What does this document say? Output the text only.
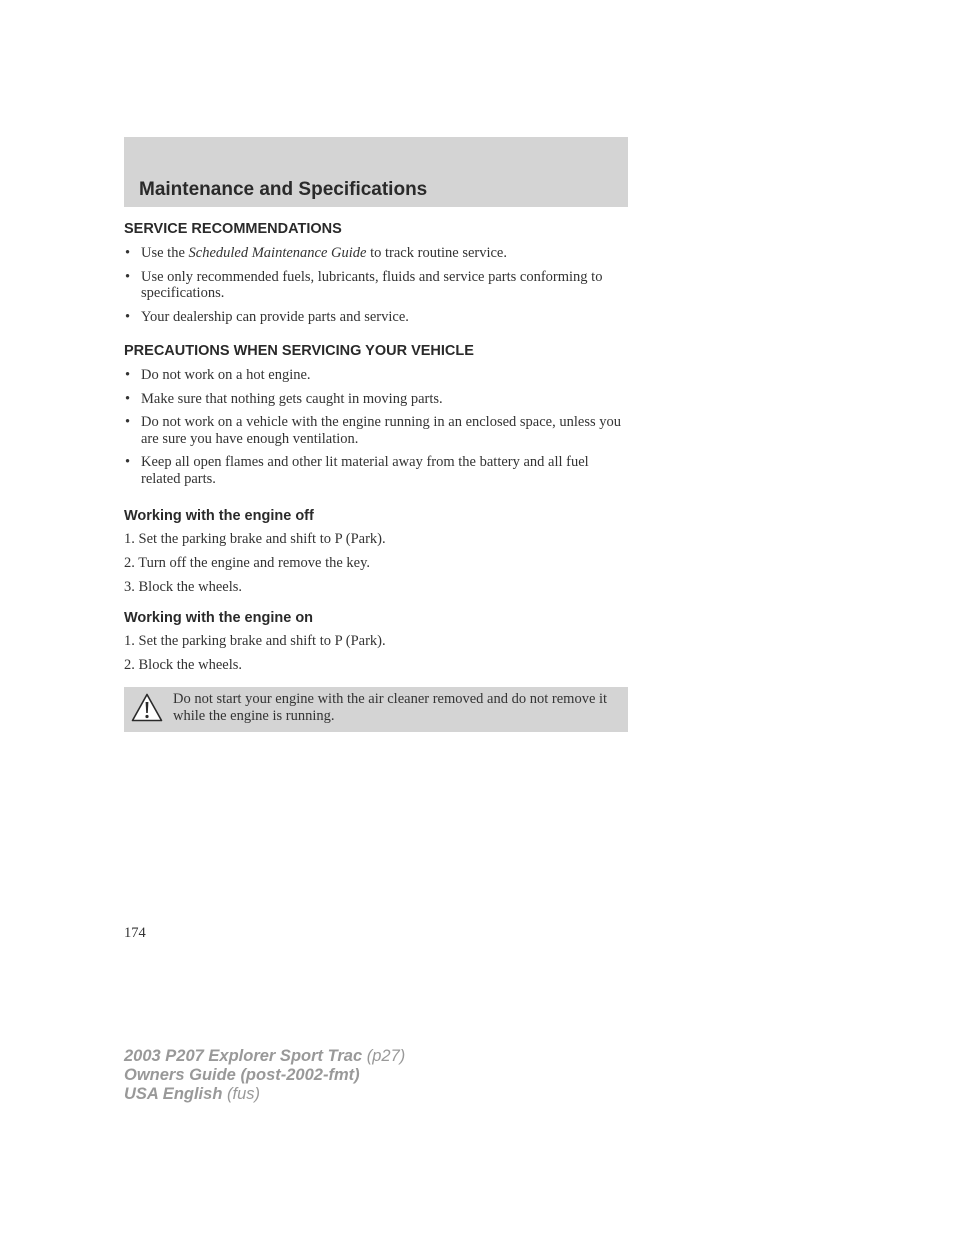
Maintenance and Specifications
SERVICE RECOMMENDATIONS
• Use the Scheduled Maintenance Guide to track routine service.
• Use only recommended fuels, lubricants, fluids and service parts conforming to specifications.
• Your dealership can provide parts and service.
PRECAUTIONS WHEN SERVICING YOUR VEHICLE
• Do not work on a hot engine.
• Make sure that nothing gets caught in moving parts.
• Do not work on a vehicle with the engine running in an enclosed space, unless you are sure you have enough ventilation.
• Keep all open flames and other lit material away from the battery and all fuel related parts.
Working with the engine off
1. Set the parking brake and shift to P (Park).
2. Turn off the engine and remove the key.
3. Block the wheels.
Working with the engine on
1. Set the parking brake and shift to P (Park).
2. Block the wheels.
Do not start your engine with the air cleaner removed and do not remove it while the engine is running.
174
2003 P207 Explorer Sport Trac (p27)
Owners Guide (post-2002-fmt)
USA English (fus)
